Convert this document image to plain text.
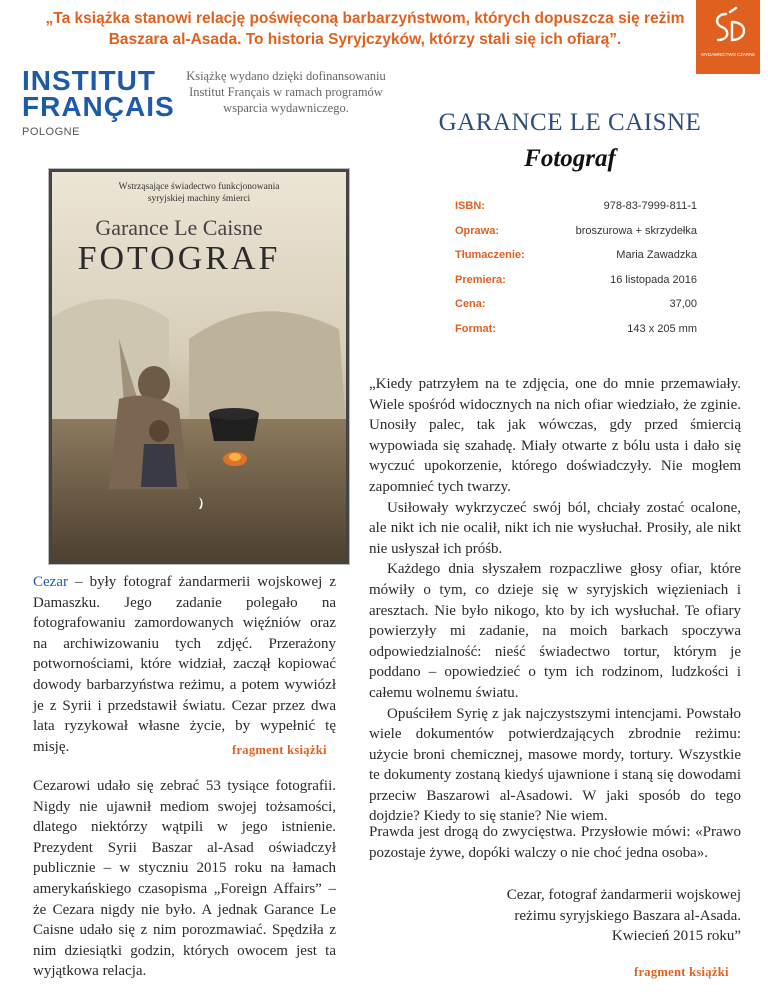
„Ta książka stanowi relację poświęconą barbarzyństwom, których dopuszcza się reżim Baszara al-Asada. To historia Syryjczyków, którzy stali się ich ofiarą”.
WYDAWNICTWO CZARNE
INSTITUT
FRANÇAIS
POLOGNE
Książkę wydano dzięki dofinansowaniu Institut Français w ramach programów wsparcia wydawniczego.
GARANCE LE CAISNE
Fotograf
Wstrząsające świadectwo funkcjonowania
syryjskiej machiny śmierci
Garance Le Caisne
FOTOGRAF
ISBN:	978-83-7999-811-1
Oprawa:	broszurowa + skrzydełka
Tłumaczenie:	Maria Zawadzka
Premiera:	16 listopada 2016
Cena:	37,00
Format:	143 x 205 mm
Cezar – były fotograf żandarmerii wojskowej z Damaszku. Jego zadanie polegało na fotografowaniu zamordowanych więźniów oraz na archiwizowaniu tych zdjęć. Przerażony potwornościami, które widział, zaczął kopiować dowody barbarzyństwa reżimu, a potem wywiózł je z Syrii i przedstawił światu. Cezar przez dwa lata ryzykował własne życie, by wypełnić tę misję.	fragment książki
Cezarowi udało się zebrać 53 tysiące fotografii. Nigdy nie ujawnił mediom swojej tożsamości, dlatego niektórzy wątpili w jego istnienie. Prezydent Syrii Baszar al-Asad oświadczył publicznie – w styczniu 2015 roku na łamach amerykańskiego czasopisma „Foreign Affairs” – że Cezara nigdy nie było. A jednak Garance Le Caisne udało się z nim porozmawiać. Spędziła z nim dziesiątki godzin, których owocem jest ta wyjątkowa relacja.

„Kiedy patrzyłem na te zdjęcia, one do mnie przemawiały. Wiele spośród widocznych na nich ofiar wiedziało, że zginie. Unosiły palec, tak jak wówczas, gdy przed śmiercią wypowiada się szahadę. Miały otwarte z bólu usta i dało się wyczuć upokorzenie, którego doświadczyły. Nie mogłem zapomnieć tych twarzy.

Usiłowały wykrzyczeć swój ból, chciały zostać ocalone, ale nikt ich nie ocalił, nikt ich nie wysłuchał. Prosiły, ale nikt nie usłyszał ich próśb.

Każdego dnia słyszałem rozpaczliwe głosy ofiar, które mówiły o tym, co dzieje się w syryjskich więzieniach i aresztach. Nie było nikogo, kto by ich wysłuchał. Te ofiary powierzyły mi zadanie, na moich barkach spoczywa odpowiedzialność: nieść świadectwo tortur, którym je poddano – opowiedzieć o tym ich rodzinom, ludzkości i całemu wolnemu światu.

Opuściłem Syrię z jak najczystszymi intencjami. Powstało wiele dokumentów potwierdzających zbrodnie reżimu: użycie broni chemicznej, masowe mordy, tortury. Wszystkie te dokumenty zostaną kiedyś ujawnione i staną się dowodami przeciw Baszarowi al-Asadowi. W jaki sposób do tego dojdzie? Kiedy to się stanie? Nie wiem.

Prawda jest drogą do zwycięstwa. Przysłowie mówi: «Prawo pozostaje żywe, dopóki walczy o nie choć jedna osoba».
Cezar, fotograf żandarmerii wojskowej
reżimu syryjskiego Baszara al-Asada.
Kwiecień 2015 roku”
fragment książki
